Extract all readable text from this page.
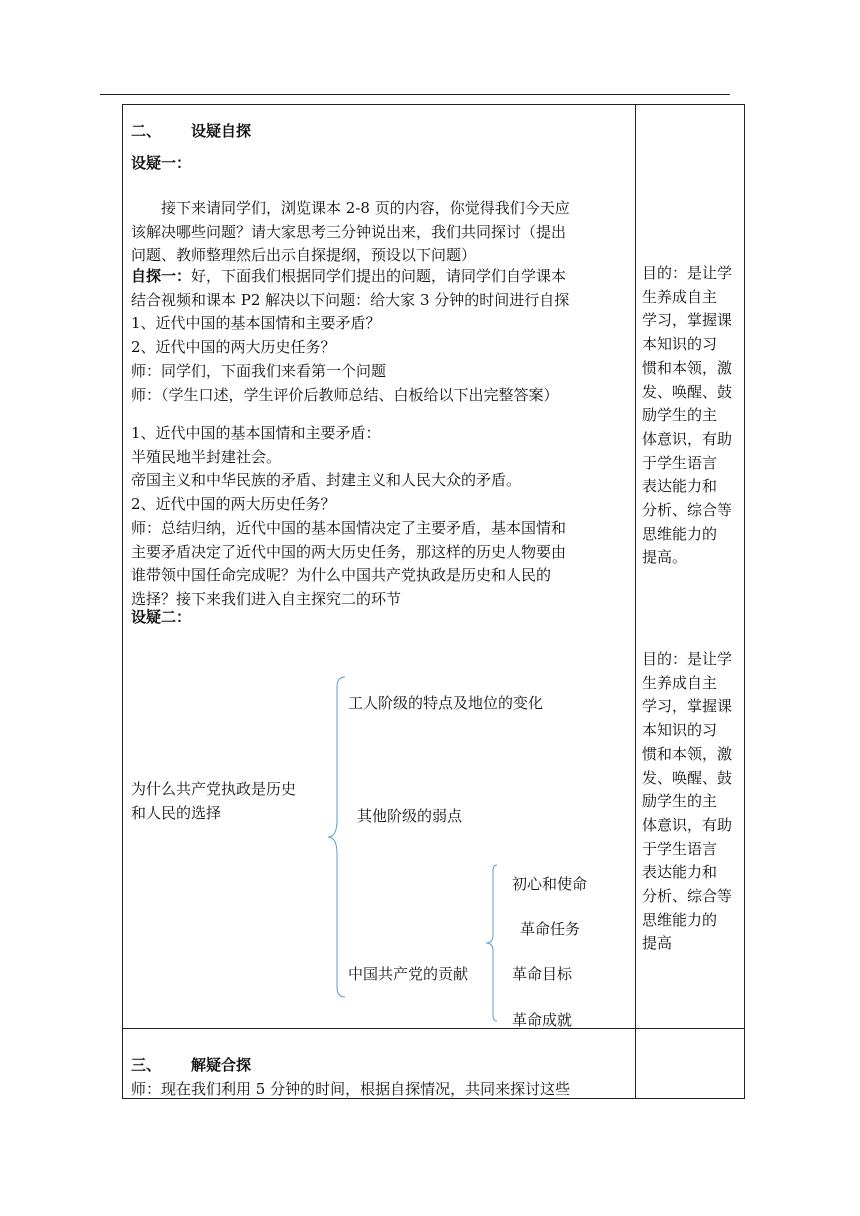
二、 设疑自探
设疑一：
接下来请同学们，浏览课本 2-8 页的内容，你觉得我们今天应
该解决哪些问题？请大家思考三分钟说出来，我们共同探讨（提出
问题、教师整理然后出示自探提纲，预设以下问题）
自探一：好，下面我们根据同学们提出的问题，请同学们自学课本
结合视频和课本 P2 解决以下问题：给大家 3 分钟的时间进行自探
1、近代中国的基本国情和主要矛盾？
2、近代中国的两大历史任务？
师：同学们，下面我们来看第一个问题
师：（学生口述，学生评价后教师总结、白板给以下出完整答案）
1、近代中国的基本国情和主要矛盾：
半殖民地半封建社会。
帝国主义和中华民族的矛盾、封建主义和人民大众的矛盾。
2、近代中国的两大历史任务？
师：总结归纳，近代中国的基本国情决定了主要矛盾，基本国情和
主要矛盾决定了近代中国的两大历史任务，那这样的历史人物要由
谁带领中国任命完成呢？为什么中国共产党执政是历史和人民的
选择？接下来我们进入自主探究二的环节
设疑二：
为什么共产党执政是历史
和人民的选择
工人阶级的特点及地位的变化
其他阶级的弱点
中国共产党的贡献
初心和使命
革命任务
革命目标
革命成就
目的：是让学
生养成自主
学习，掌握课
本知识的习
惯和本领，激
发、唤醒、鼓
励学生的主
体意识，有助
于学生语言
表达能力和
分析、综合等
思维能力的
提高。
目的：是让学
生养成自主
学习，掌握课
本知识的习
惯和本领，激
发、唤醒、鼓
励学生的主
体意识，有助
于学生语言
表达能力和
分析、综合等
思维能力的
提高
三、 解疑合探
师：现在我们利用 5 分钟的时间，根据自探情况，共同来探讨这些
